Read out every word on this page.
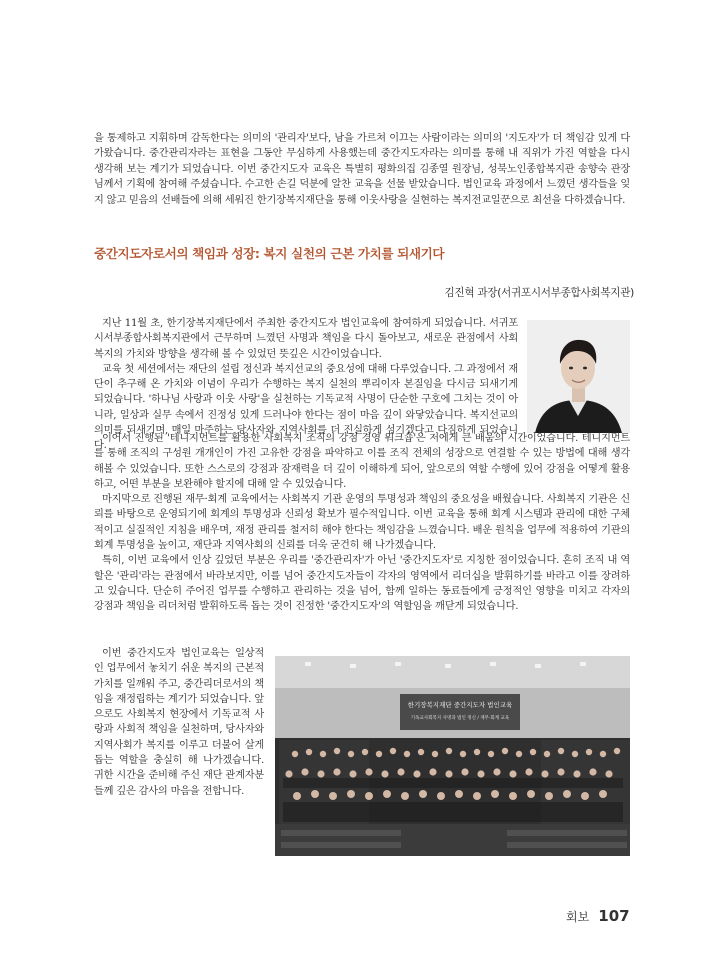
을 통제하고 지휘하며 감독한다는 의미의 '관리자'보다, 남을 가르쳐 이끄는 사람이라는 의미의 '지도자'가 더 책임감 있게 다가왔습니다. 중간관리자라는 표현을 그동안 무심하게 사용했는데 중간지도자라는 의미를 통해 내 직위가 가진 역할을 다시 생각해 보는 계기가 되었습니다. 이번 중간지도자 교육은 특별히 평화의집 김종열 원장님, 성북노인종합복지관 송향숙 관장님께서 기획에 참여해 주셨습니다. 수고한 손길 덕분에 알찬 교육을 선물 받았습니다. 법인교육 과정에서 느꼈던 생각들을 잊지 않고 믿음의 선배들에 의해 세워진 한기장복지재단을 통해 이웃사랑을 실현하는 복지전교일꾼으로 최선을 다하겠습니다.
중간지도자로서의 책임과 성장: 복지 실천의 근본 가치를 되새기다
김진혁 과장(서귀포시서부종합사회복지관)

지난 11월 초, 한기장복지재단에서 주최한 중간지도자 법인교육에 참여하게 되었습니다. 서귀포시서부종합사회복지관에서 근무하며 느꼈던 사명과 책임을 다시 돌아보고, 새로운 관점에서 사회복지의 가치와 방향을 생각해 볼 수 있었던 뜻깊은 시간이었습니다.

교육 첫 세션에서는 재단의 설립 정신과 복지선교의 중요성에 대해 다루었습니다. 그 과정에서 재단이 추구해 온 가치와 이념이 우리가 수행하는 복지 실천의 뿌리이자 본질임을 다시금 되새기게 되었습니다. '하나님 사랑과 이웃 사랑'을 실천하는 기독교적 사명이 단순한 구호에 그치는 것이 아니라, 일상과 실무 속에서 진정성 있게 드러나야 한다는 점이 마음 깊이 와닿았습니다. 복지선교의 의미를 되새기며, 매일 마주하는 당사자와 지역사회를 더 진실하게 섬기겠다고 다짐하게 되었습니다.

이어서 진행된 '테니지먼트를 활용한 사회복지 조직의 강점 경영 워크숍'은 저에게 큰 배움의 시간이었습니다. 테니지먼트를 통해 조직의 구성원 개개인이 가진 고유한 강점을 파악하고 이를 조직 전체의 성장으로 연결할 수 있는 방법에 대해 생각해볼 수 있었습니다. 또한 스스로의 강점과 잠재력을 더 깊이 이해하게 되어, 앞으로의 역할 수행에 있어 강점을 어떻게 활용하고, 어떤 부분을 보완해야 할지에 대해 알 수 있었습니다.

마지막으로 진행된 재무·회계 교육에서는 사회복지 기관 운영의 투명성과 책임의 중요성을 배웠습니다. 사회복지 기관은 신뢰를 바탕으로 운영되기에 회계의 투명성과 신뢰성 확보가 필수적입니다. 이번 교육을 통해 회계 시스템과 관리에 대한 구체적이고 실질적인 지침을 배우며, 재정 관리를 철저히 해야 한다는 책임감을 느꼈습니다. 배운 원칙을 업무에 적용하여 기관의 회계 투명성을 높이고, 재단과 지역사회의 신뢰를 더욱 굳건히 해 나가겠습니다.

특히, 이번 교육에서 인상 깊었던 부분은 우리를 '중간관리자'가 아닌 '중간지도자'로 지칭한 점이었습니다. 흔히 조직 내 역할은 '관리'라는 관점에서 바라보지만, 이를 넘어 중간지도자들이 각자의 영역에서 리더십을 발휘하기를 바라고 이를 장려하고 있습니다. 단순히 주어진 업무를 수행하고 관리하는 것을 넘어, 함께 일하는 동료들에게 긍정적인 영향을 미치고 각자의 강점과 책임을 리더처럼 발휘하도록 돕는 것이 진정한 '중간지도자'의 역할임을 깨닫게 되었습니다.

이번 중간지도자 법인교육는 일상적인 업무에서 놓치기 쉬운 복지의 근본적 가치를 일깨워 주고, 중간리더로서의 책임을 재정립하는 계기가 되었습니다. 앞으로도 사회복지 현장에서 기독교적 사랑과 사회적 책임을 실천하며, 당사자와 지역사회가 복지를 이루고 더불어 살게 돕는 역할을 충실히 해 나가겠습니다. 귀한 시간을 준비해 주신 재단 관계자분들께 깊은 감사의 마음을 전합니다.

한기장복지재단 중간지도자 법인교육
기독교사회복지 사명과 법인 정신 / 재무·회계 교육
회보 107
